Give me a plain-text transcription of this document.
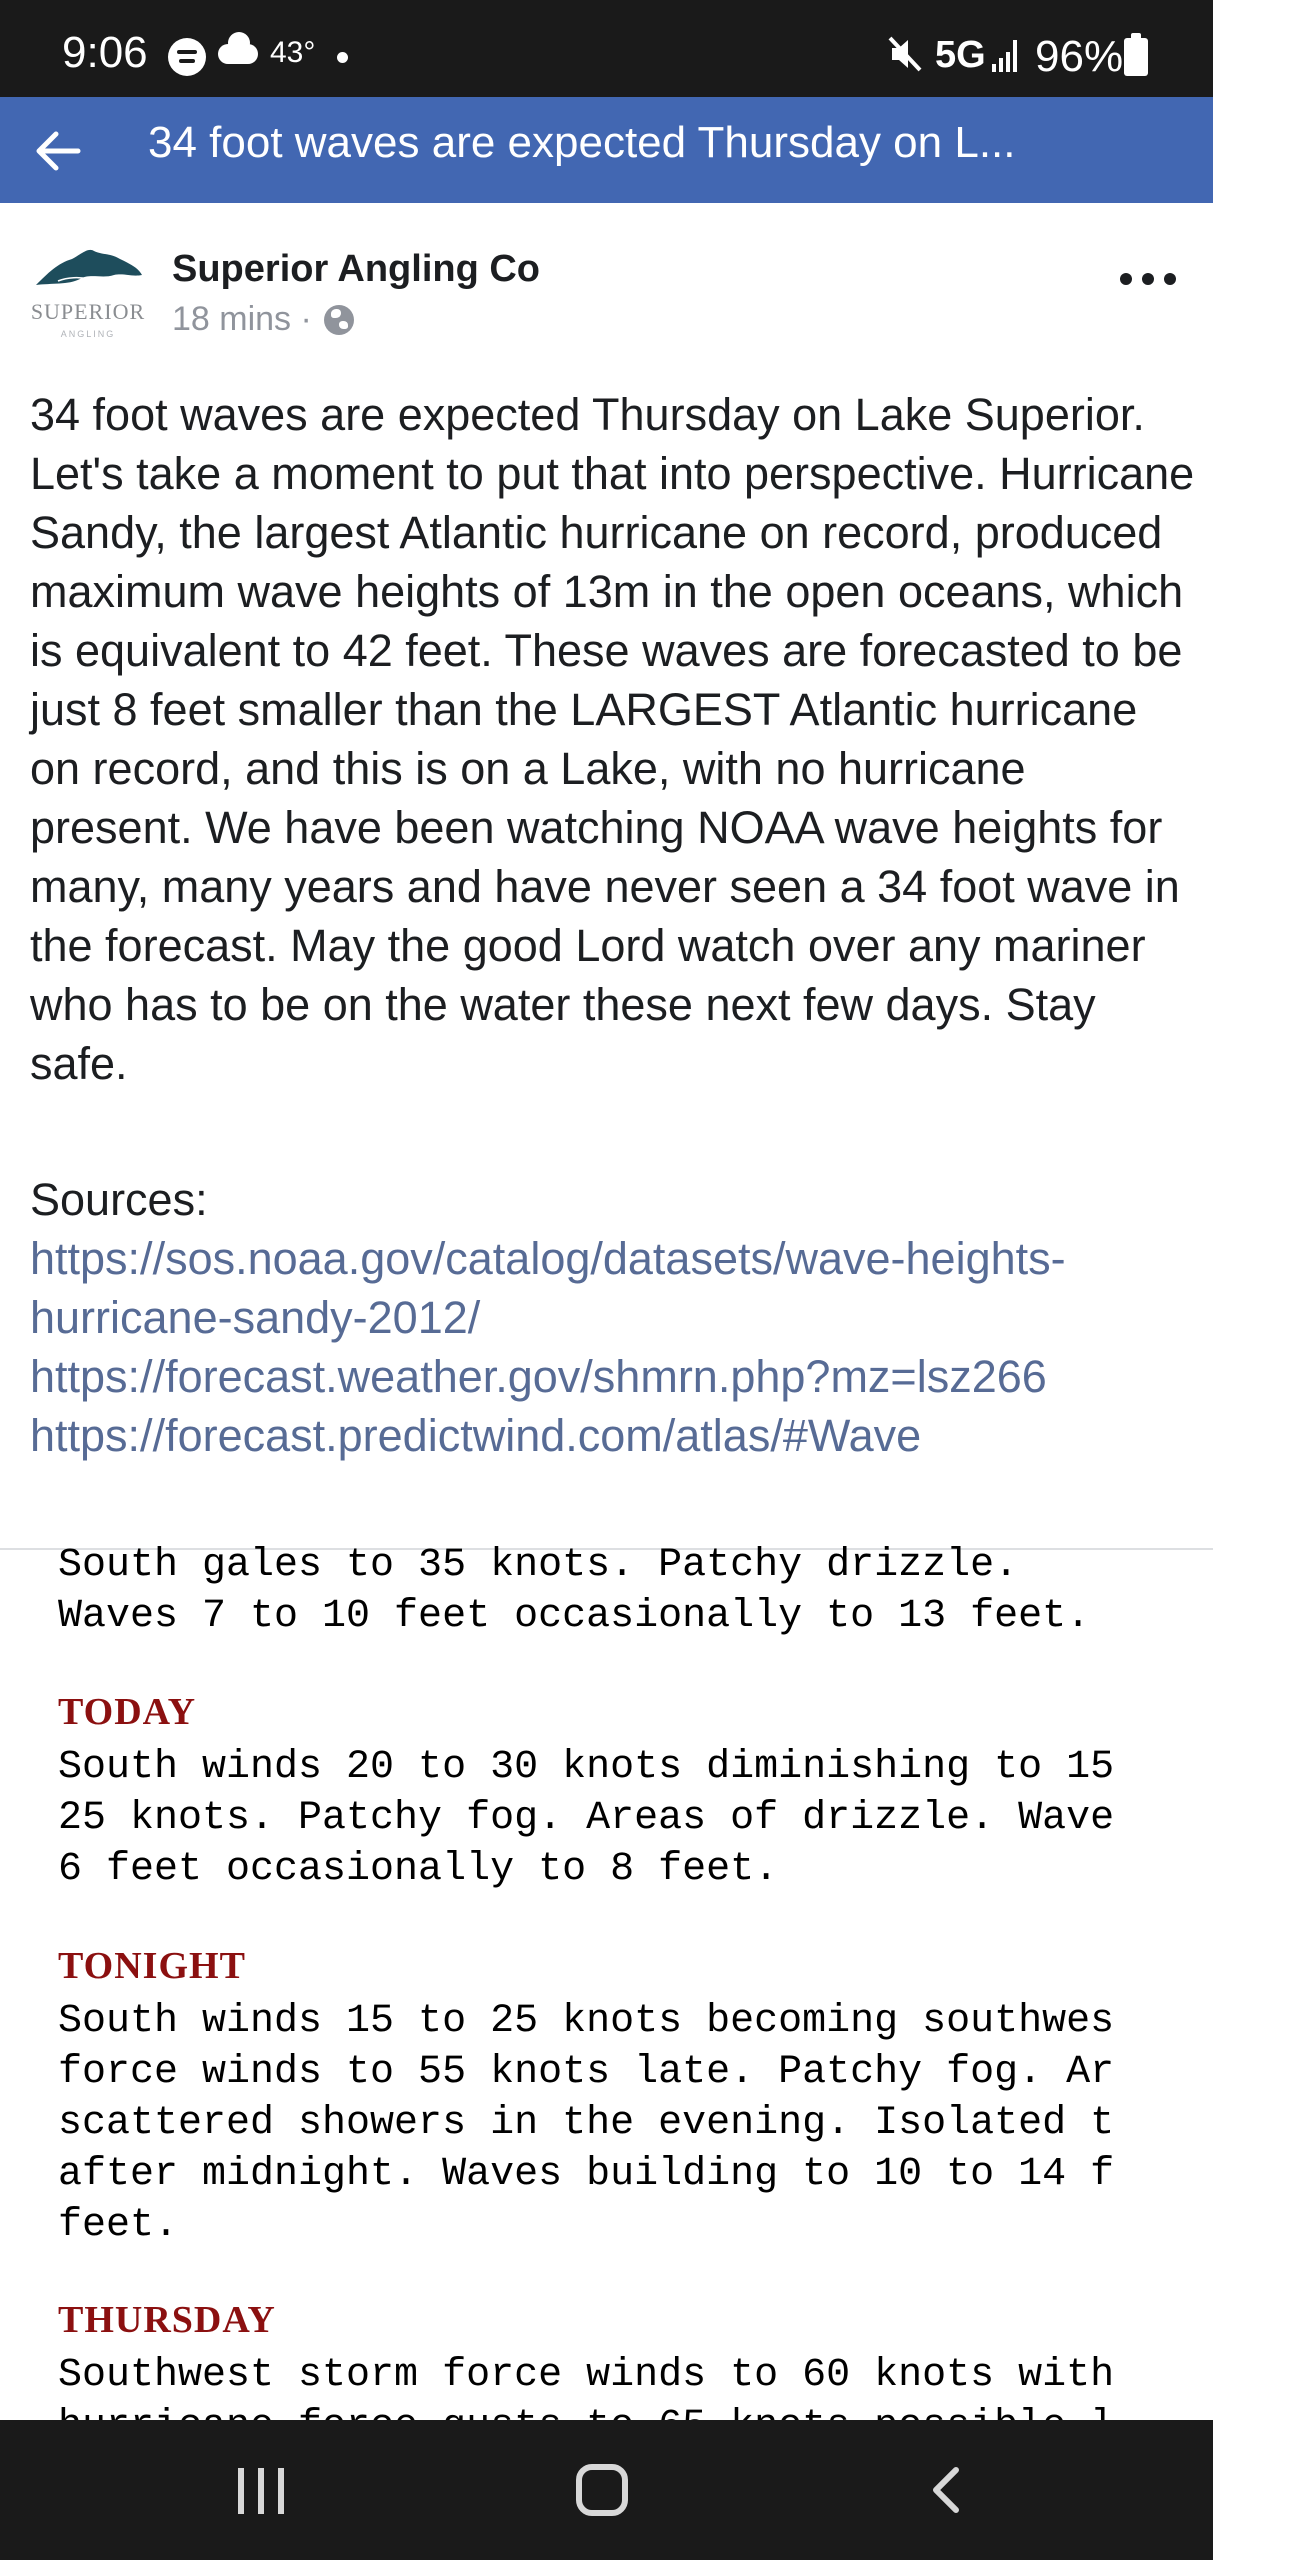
9:06	43°	5G 96%
34 foot waves are expected Thursday on L...
SUPERIOR
ANGLING
Superior Angling Co
18 mins ·
34 foot waves are expected Thursday on Lake Superior. Let's take a moment to put that into perspective. Hurricane Sandy, the largest Atlantic hurricane on record, produced maximum wave heights of 13m in the open oceans, which is equivalent to 42 feet. These waves are forecasted to be just 8 feet smaller than the LARGEST Atlantic hurricane on record, and this is on a Lake, with no hurricane present. We have been watching NOAA wave heights for many, many years and have never seen a 34 foot wave in the forecast. May the good Lord watch over any mariner who has to be on the water these next few days. Stay safe.
Sources:
https://sos.noaa.gov/catalog/datasets/wave-heights-hurricane-sandy-2012/
https://forecast.weather.gov/shmrn.php?mz=lsz266
https://forecast.predictwind.com/atlas/#Wave
South gales to 35 knots. Patchy drizzle.
Waves 7 to 10 feet occasionally to 13 feet.
TODAY
South winds 20 to 30 knots diminishing to 15
25 knots. Patchy fog. Areas of drizzle. Wave
6 feet occasionally to 8 feet.
TONIGHT
South winds 15 to 25 knots becoming southwes
force winds to 55 knots late. Patchy fog. Ar
scattered showers in the evening. Isolated t
after midnight. Waves building to 10 to 14 f
feet.
THURSDAY
Southwest storm force winds to 60 knots with
